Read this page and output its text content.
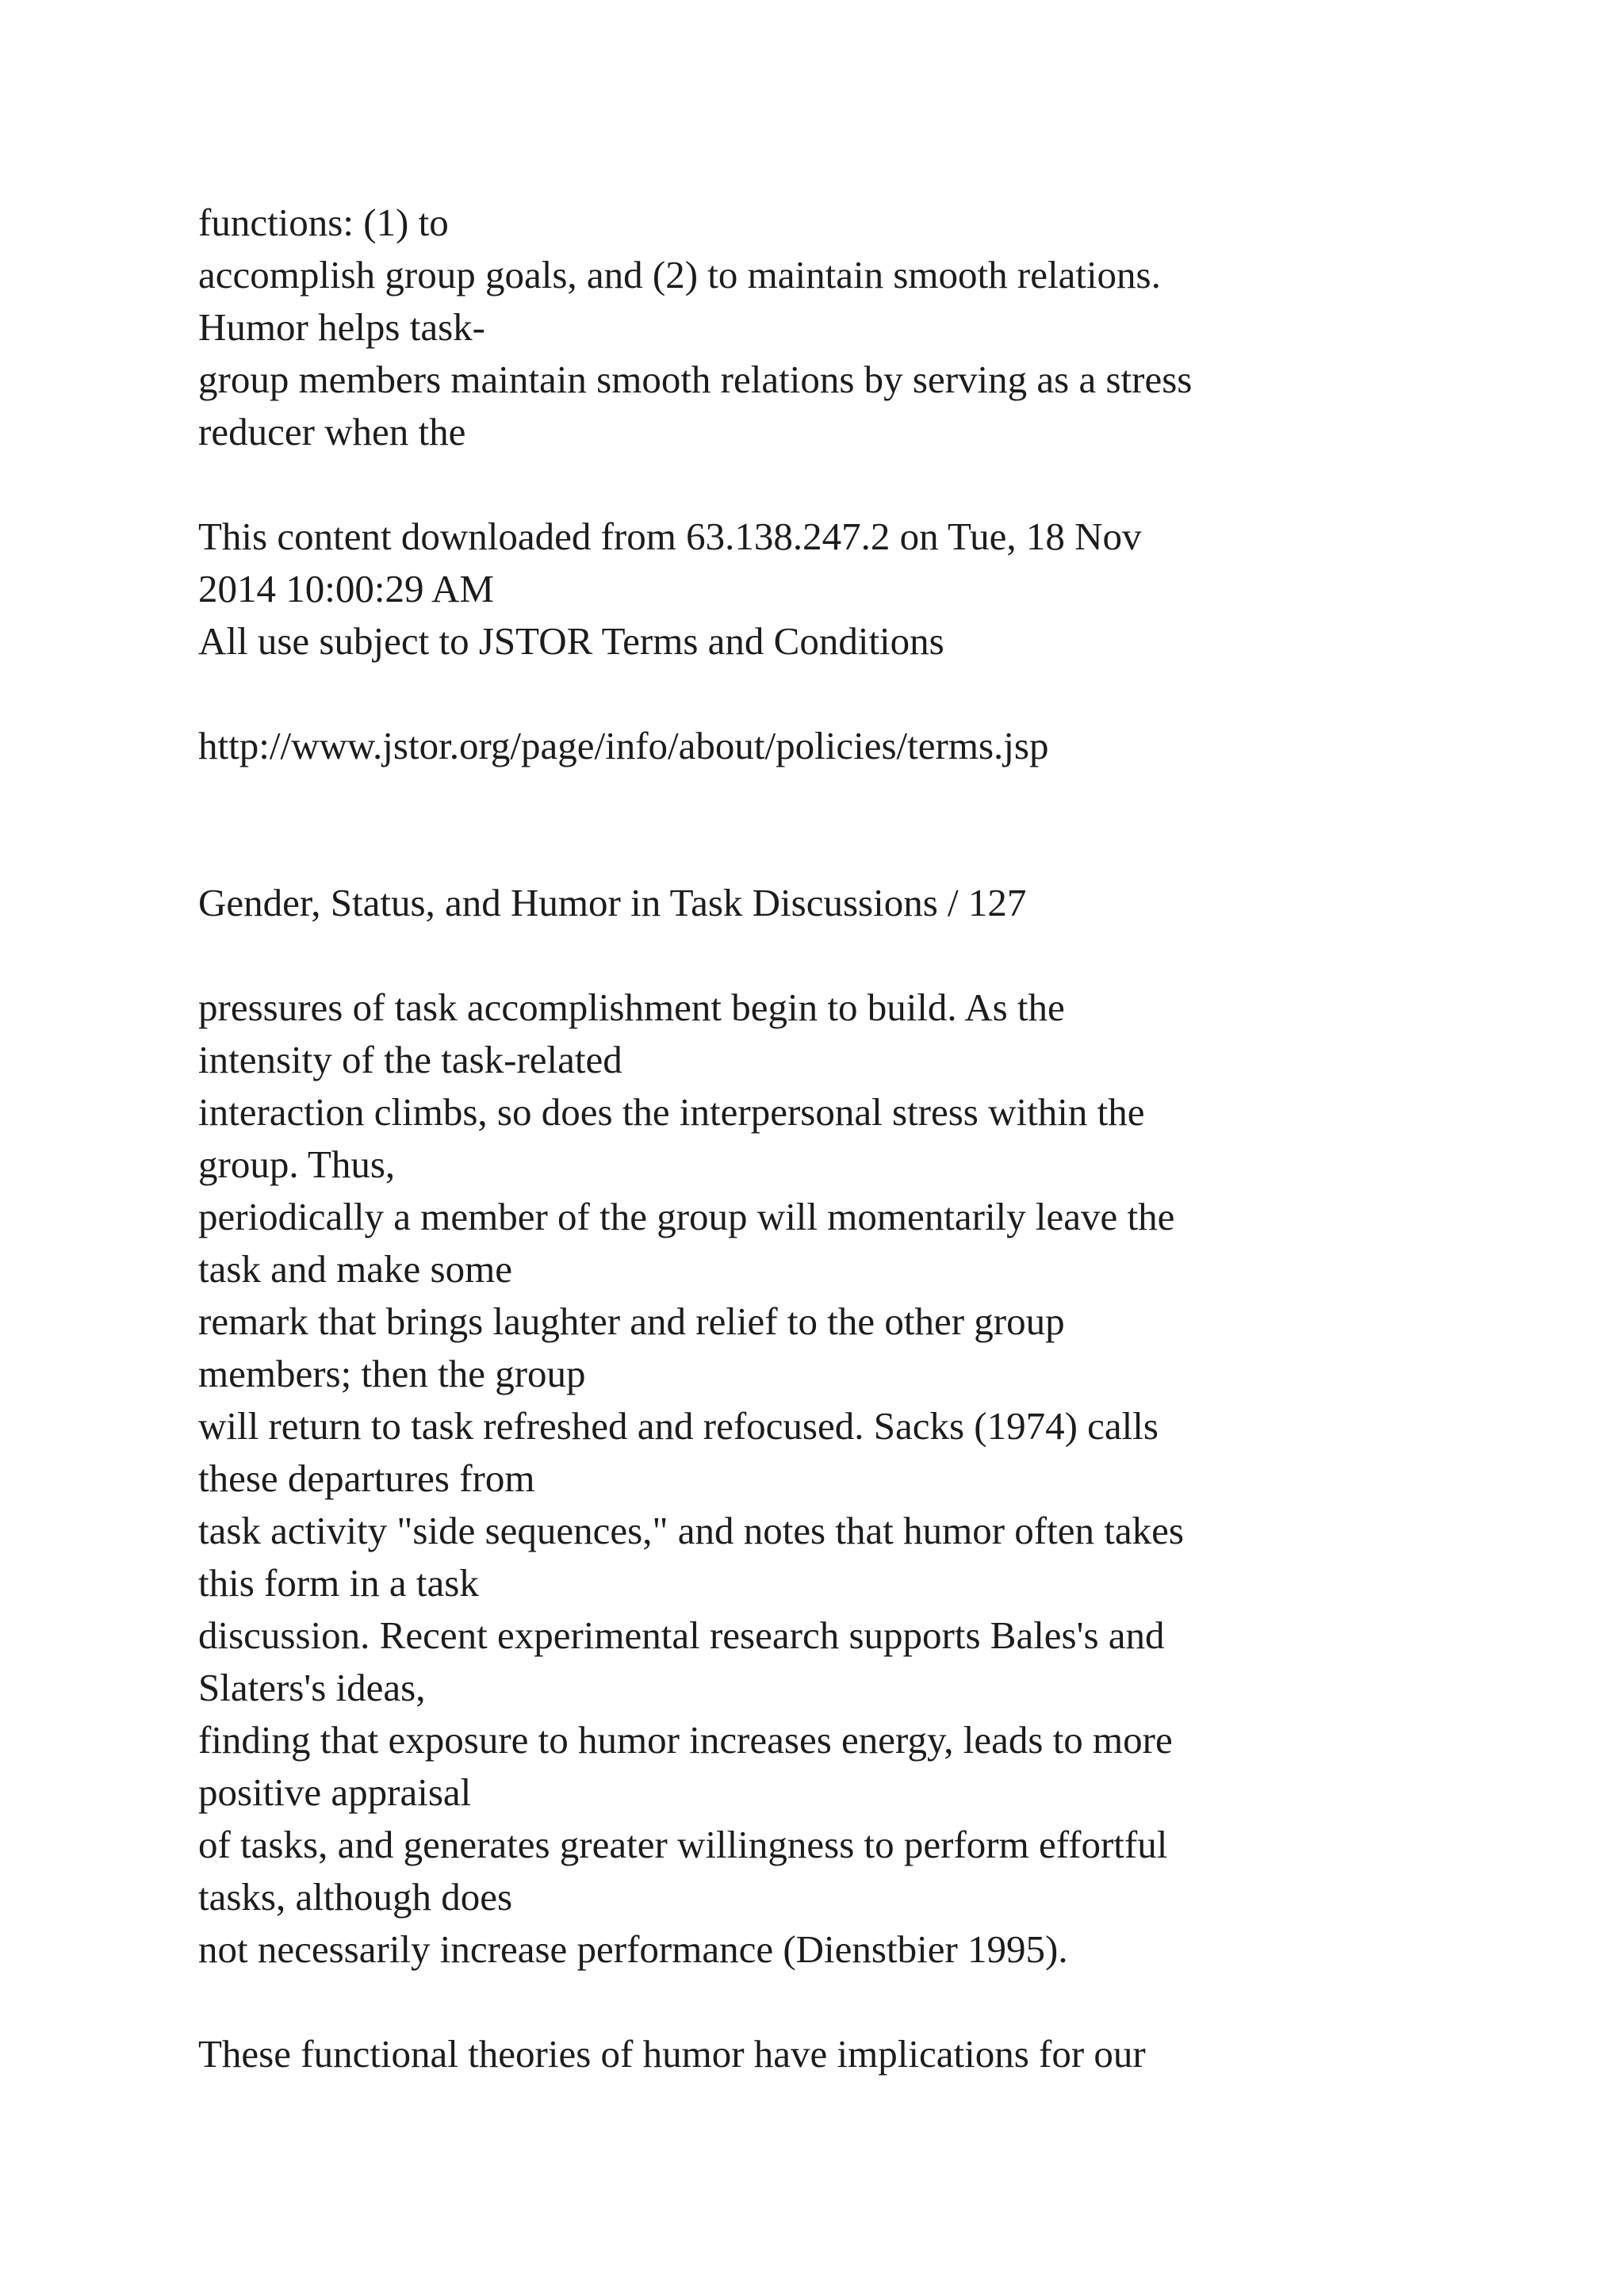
functions: (1) to

accomplish group goals, and (2) to maintain smooth relations.

Humor helps task-

group members maintain smooth relations by serving as a stress

reducer when the

This content downloaded from 63.138.247.2 on Tue, 18 Nov

2014 10:00:29 AM

All use subject to JSTOR Terms and Conditions

http://www.jstor.org/page/info/about/policies/terms.jsp

Gender, Status, and Humor in Task Discussions / 127

pressures of task accomplishment begin to build. As the

intensity of the task-related

interaction climbs, so does the interpersonal stress within the

group. Thus,

periodically a member of the group will momentarily leave the

task and make some

remark that brings laughter and relief to the other group

members; then the group

will return to task refreshed and refocused. Sacks (1974) calls

these departures from

task activity "side sequences," and notes that humor often takes

this form in a task

discussion. Recent experimental research supports Bales's and

Slaters's ideas,

finding that exposure to humor increases energy, leads to more

positive appraisal

of tasks, and generates greater willingness to perform effortful

tasks, although does

not necessarily increase performance (Dienstbier 1995).

These functional theories of humor have implications for our
